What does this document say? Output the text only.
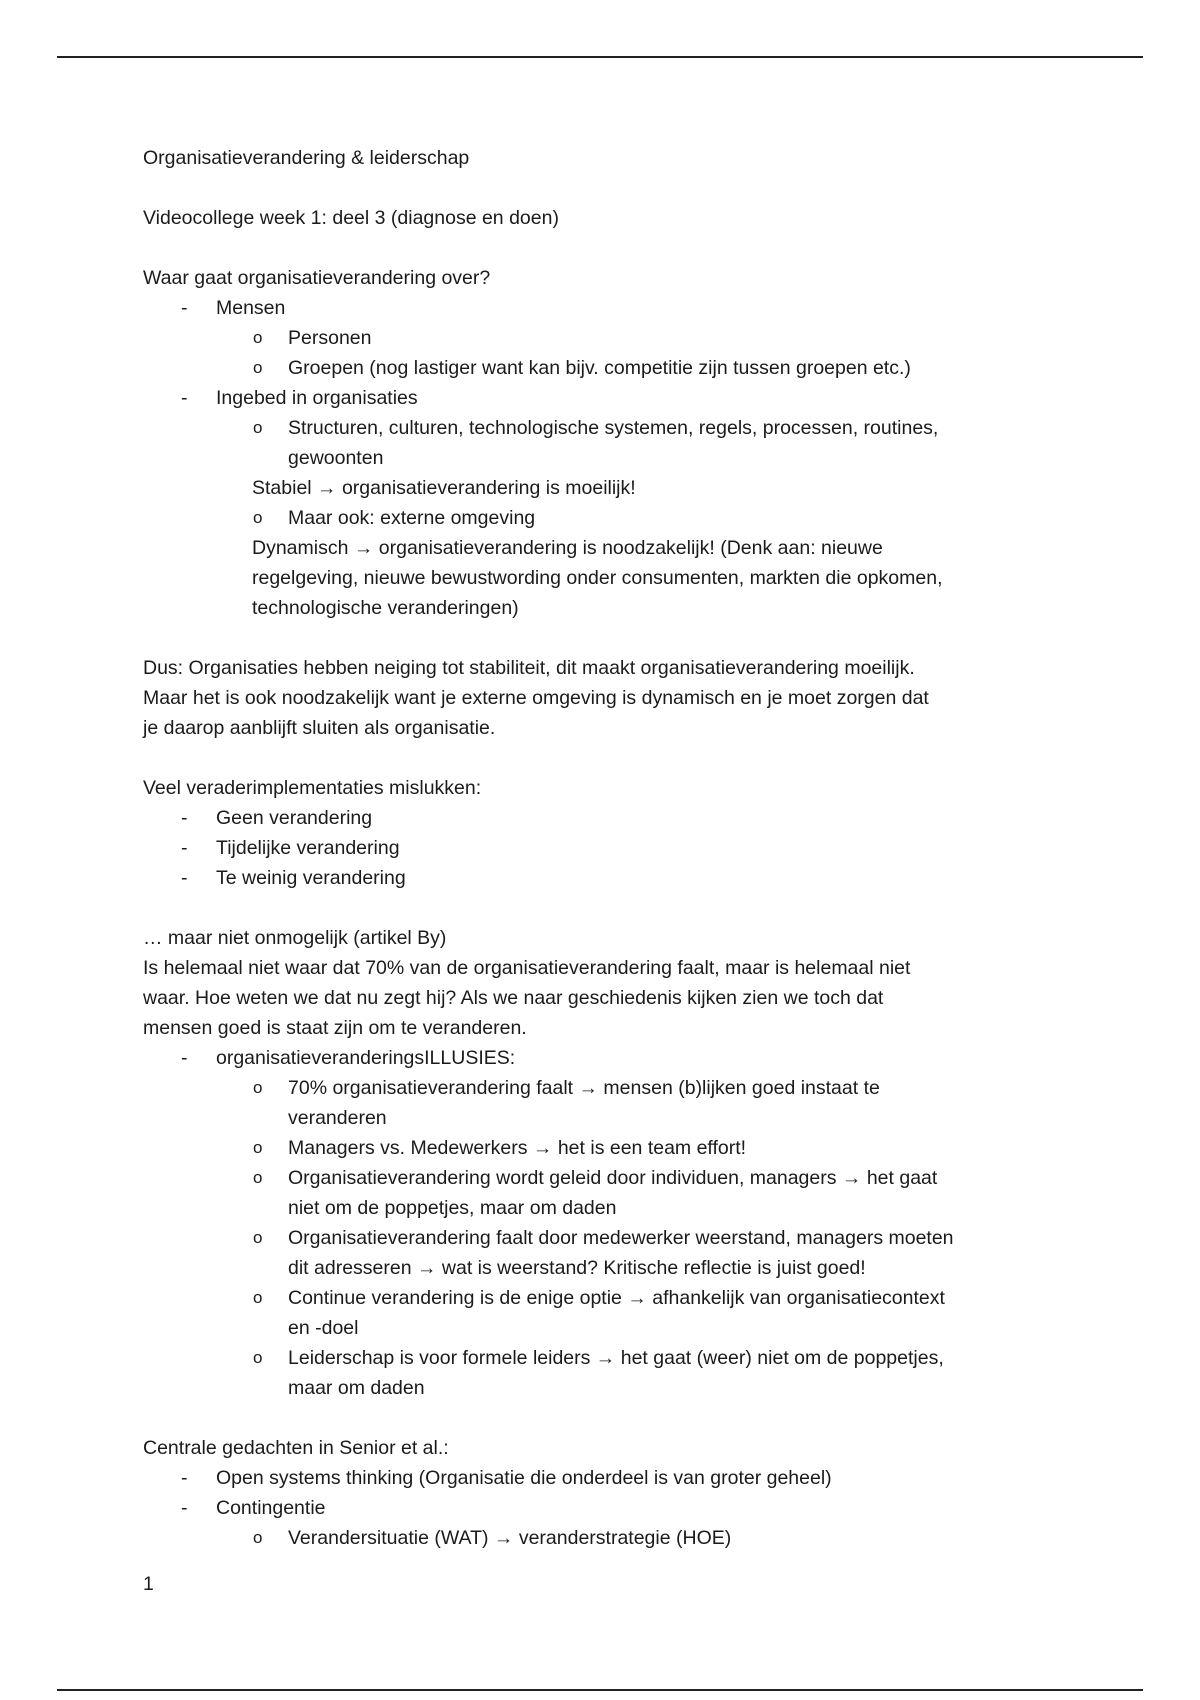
Organisatieverandering & leiderschap

Videocollege week 1: deel 3 (diagnose en doen)

Waar gaat organisatieverandering over?

- Mensen
o Personen
o Groepen (nog lastiger want kan bijv. competitie zijn tussen groepen etc.)
- Ingebed in organisaties
o Structuren, culturen, technologische systemen, regels, processen, routines,
gewoonten
Stabiel → organisatieverandering is moeilijk!
o Maar ook: externe omgeving
Dynamisch → organisatieverandering is noodzakelijk! (Denk aan: nieuwe
regelgeving, nieuwe bewustwording onder consumenten, markten die opkomen,
technologische veranderingen)

Dus: Organisaties hebben neiging tot stabiliteit, dit maakt organisatieverandering moeilijk.

Maar het is ook noodzakelijk want je externe omgeving is dynamisch en je moet zorgen dat

je daarop aanblijft sluiten als organisatie.

Veel veraderimplementaties mislukken:

- Geen verandering
- Tijdelijke verandering
- Te weinig verandering

… maar niet onmogelijk (artikel By)

Is helemaal niet waar dat 70% van de organisatieverandering faalt, maar is helemaal niet

waar. Hoe weten we dat nu zegt hij? Als we naar geschiedenis kijken zien we toch dat

mensen goed is staat zijn om te veranderen.

- organisatieveranderingsILLUSIES:
o 70% organisatieverandering faalt → mensen (b)lijken goed instaat te
veranderen
o Managers vs. Medewerkers → het is een team effort!
o Organisatieverandering wordt geleid door individuen, managers → het gaat
niet om de poppetjes, maar om daden
o Organisatieverandering faalt door medewerker weerstand, managers moeten
dit adresseren → wat is weerstand? Kritische reflectie is juist goed!
o Continue verandering is de enige optie → afhankelijk van organisatiecontext
en -doel
o Leiderschap is voor formele leiders → het gaat (weer) niet om de poppetjes,
maar om daden

Centrale gedachten in Senior et al.:

- Open systems thinking (Organisatie die onderdeel is van groter geheel)
- Contingentie
o Verandersituatie (WAT) → veranderstrategie (HOE)
1
